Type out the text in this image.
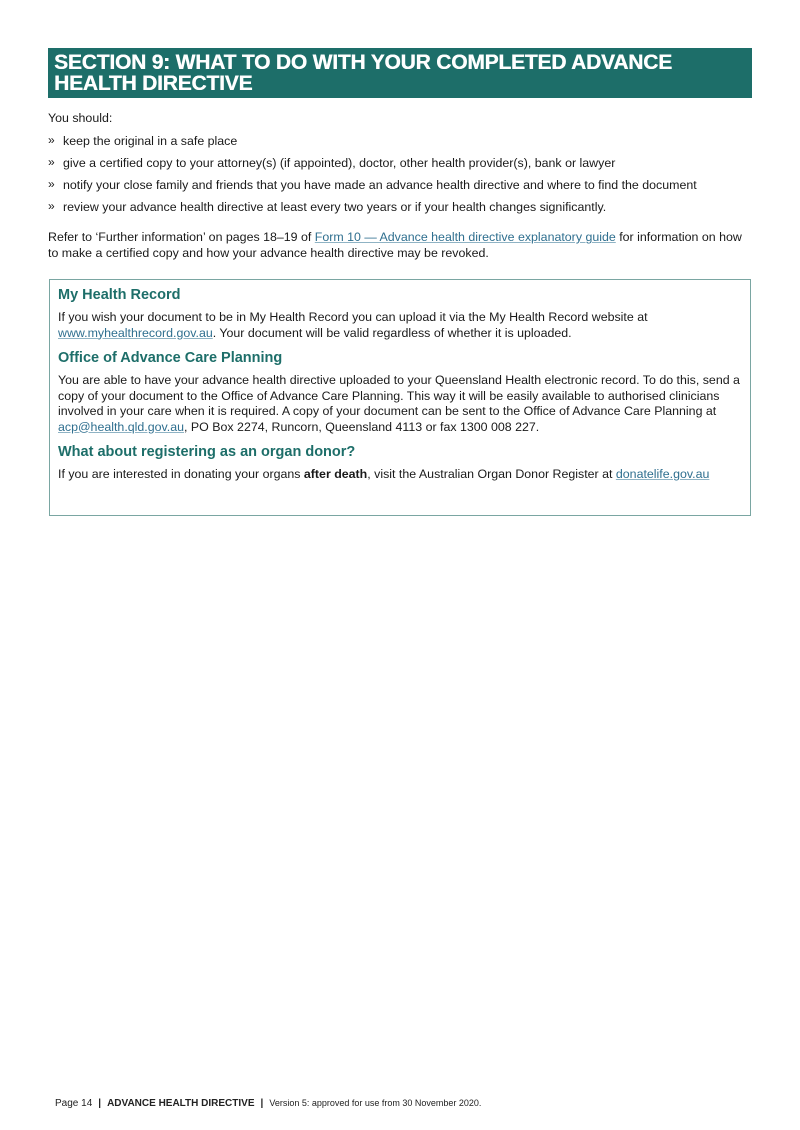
SECTION 9: WHAT TO DO WITH YOUR COMPLETED ADVANCE HEALTH DIRECTIVE

You should:

» keep the original in a safe place
» give a certified copy to your attorney(s) (if appointed), doctor, other health provider(s), bank or lawyer
» notify your close family and friends that you have made an advance health directive and where to find the document
» review your advance health directive at least every two years or if your health changes significantly.

Refer to ‘Further information’ on pages 18–19 of Form 10 — Advance health directive explanatory guide for information on how to make a certified copy and how your advance health directive may be revoked.

My Health Record

If you wish your document to be in My Health Record you can upload it via the My Health Record website at www.myhealthrecord.gov.au. Your document will be valid regardless of whether it is uploaded.

Office of Advance Care Planning

You are able to have your advance health directive uploaded to your Queensland Health electronic record. To do this, send a copy of your document to the Office of Advance Care Planning. This way it will be easily available to authorised clinicians involved in your care when it is required. A copy of your document can be sent to the Office of Advance Care Planning at acp@health.qld.gov.au, PO Box 2274, Runcorn, Queensland 4113 or fax 1300 008 227.

What about registering as an organ donor?

If you are interested in donating your organs after death, visit the Australian Organ Donor Register at donatelife.gov.au

Page 14 | ADVANCE HEALTH DIRECTIVE | Version 5: approved for use from 30 November 2020.
